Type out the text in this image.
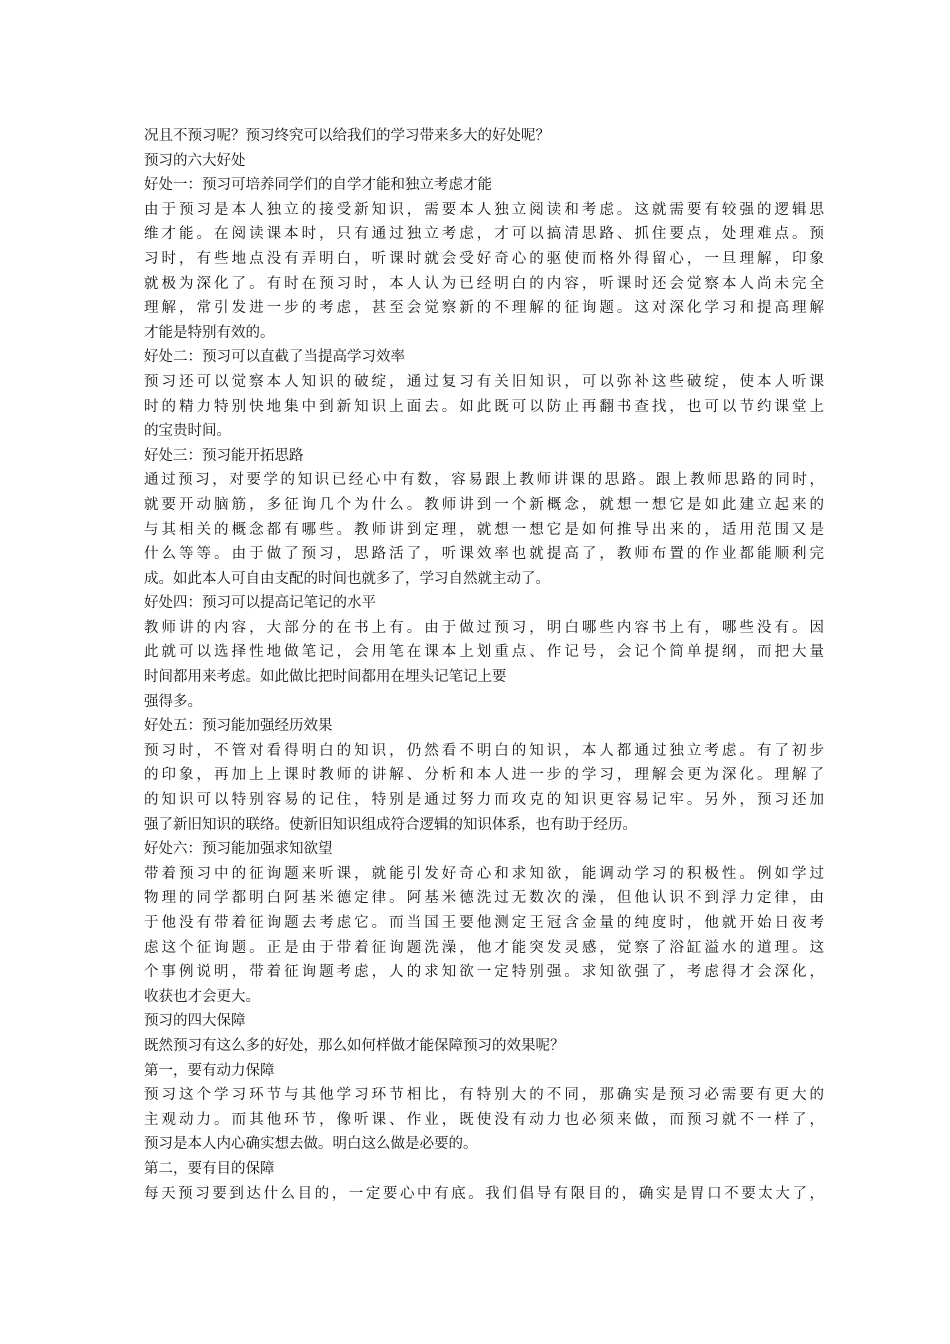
况且不预习呢？预习终究可以给我们的学习带来多大的好处呢？
预习的六大好处
好处一：预习可培养同学们的自学才能和独立考虑才能
由于预习是本人独立的接受新知识，需要本人独立阅读和考虑。这就需要有较强的逻辑思
维才能。在阅读课本时，只有通过独立考虑，才可以搞清思路、抓住要点，处理难点。预
习时，有些地点没有弄明白，听课时就会受好奇心的驱使而格外得留心，一旦理解，印象
就极为深化了。有时在预习时，本人认为已经明白的内容，听课时还会觉察本人尚未完全
理解，常引发进一步的考虑，甚至会觉察新的不理解的征询题。这对深化学习和提高理解
才能是特别有效的。
好处二：预习可以直截了当提高学习效率
预习还可以觉察本人知识的破绽，通过复习有关旧知识，可以弥补这些破绽，使本人听课
时的精力特别快地集中到新知识上面去。如此既可以防止再翻书查找，也可以节约课堂上
的宝贵时间。
好处三：预习能开拓思路
通过预习，对要学的知识已经心中有数，容易跟上教师讲课的思路。跟上教师思路的同时，
就要开动脑筋，多征询几个为什么。教师讲到一个新概念，就想一想它是如此建立起来的
与其相关的概念都有哪些。教师讲到定理，就想一想它是如何推导出来的，适用范围又是
什么等等。由于做了预习，思路活了，听课效率也就提高了，教师布置的作业都能顺利完
成。如此本人可自由支配的时间也就多了，学习自然就主动了。
好处四：预习可以提高记笔记的水平
教师讲的内容，大部分的在书上有。由于做过预习，明白哪些内容书上有，哪些没有。因
此就可以选择性地做笔记，会用笔在课本上划重点、作记号，会记个简单提纲，而把大量
时间都用来考虑。如此做比把时间都用在埋头记笔记上要
强得多。
好处五：预习能加强经历效果
预习时，不管对看得明白的知识，仍然看不明白的知识，本人都通过独立考虑。有了初步
的印象，再加上上课时教师的讲解、分析和本人进一步的学习，理解会更为深化。理解了
的知识可以特别容易的记住，特别是通过努力而攻克的知识更容易记牢。另外，预习还加
强了新旧知识的联络。使新旧知识组成符合逻辑的知识体系，也有助于经历。
好处六：预习能加强求知欲望
带着预习中的征询题来听课，就能引发好奇心和求知欲，能调动学习的积极性。例如学过
物理的同学都明白阿基米德定律。阿基米德洗过无数次的澡，但他认识不到浮力定律，由
于他没有带着征询题去考虑它。而当国王要他测定王冠含金量的纯度时，他就开始日夜考
虑这个征询题。正是由于带着征询题洗澡，他才能突发灵感，觉察了浴缸溢水的道理。这
个事例说明，带着征询题考虑，人的求知欲一定特别强。求知欲强了，考虑得才会深化，
收获也才会更大。
预习的四大保障
既然预习有这么多的好处，那么如何样做才能保障预习的效果呢？
第一，要有动力保障
预习这个学习环节与其他学习环节相比，有特别大的不同，那确实是预习必需要有更大的
主观动力。而其他环节，像听课、作业，既使没有动力也必须来做，而预习就不一样了，
预习是本人内心确实想去做。明白这么做是必要的。
第二，要有目的保障
每天预习要到达什么目的，一定要心中有底。我们倡导有限目的，确实是胃口不要太大了，
